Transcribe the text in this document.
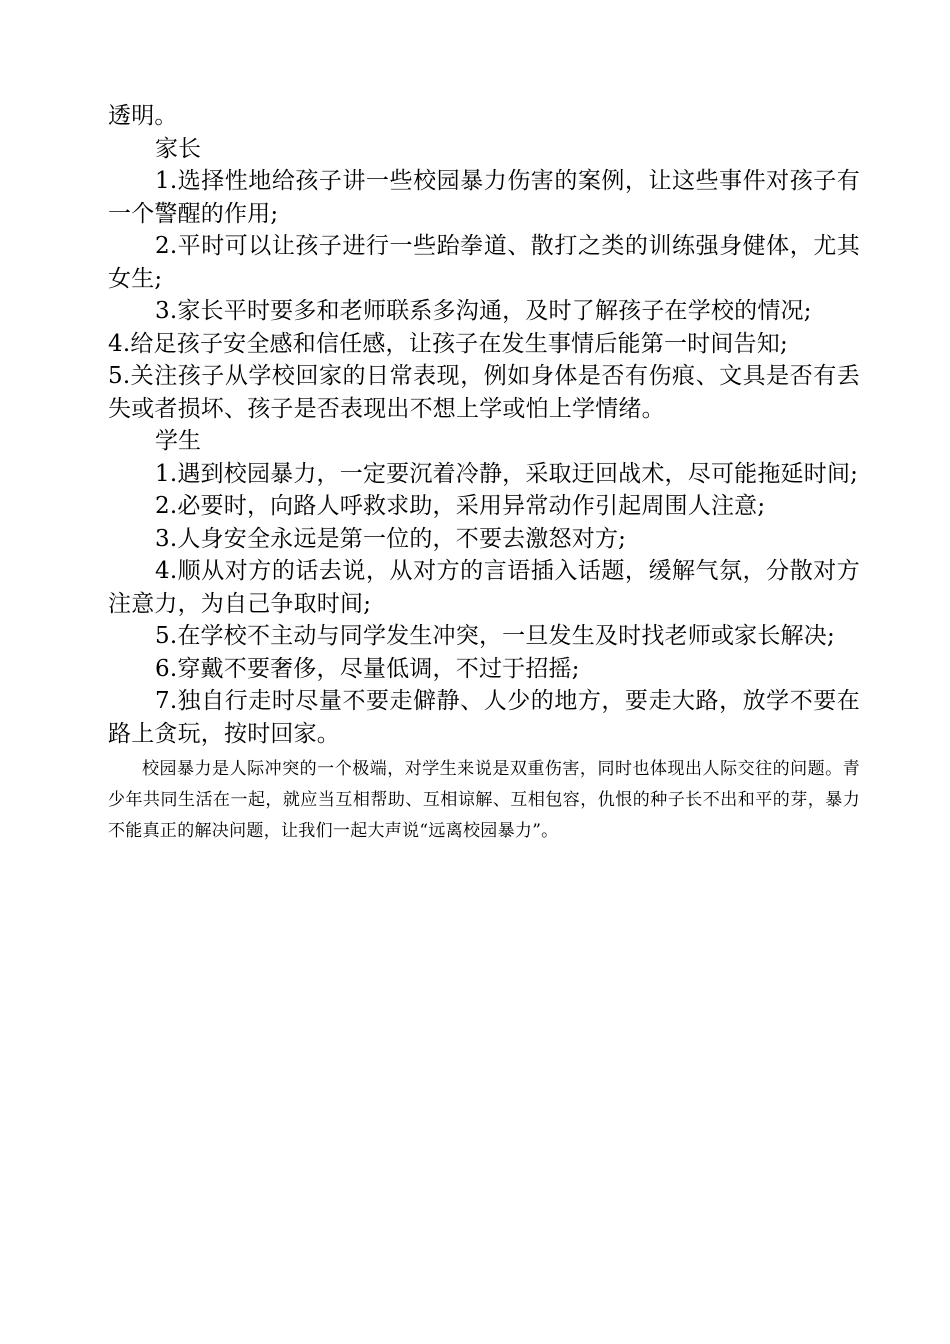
透明。

家长

1.选择性地给孩子讲一些校园暴力伤害的案例，让这些事件对孩子有一个警醒的作用;

2.平时可以让孩子进行一些跆拳道、散打之类的训练强身健体，尤其女生;

3.家长平时要多和老师联系多沟通，及时了解孩子在学校的情况;

4.给足孩子安全感和信任感，让孩子在发生事情后能第一时间告知;

5.关注孩子从学校回家的日常表现，例如身体是否有伤痕、文具是否有丢失或者损坏、孩子是否表现出不想上学或怕上学情绪。

学生

1.遇到校园暴力，一定要沉着冷静，采取迂回战术，尽可能拖延时间;

2.必要时，向路人呼救求助，采用异常动作引起周围人注意;

3.人身安全永远是第一位的，不要去激怒对方;

4.顺从对方的话去说，从对方的言语插入话题，缓解气氛，分散对方注意力，为自己争取时间;

5.在学校不主动与同学发生冲突，一旦发生及时找老师或家长解决;

6.穿戴不要奢侈，尽量低调，不过于招摇;

7.独自行走时尽量不要走僻静、人少的地方，要走大路，放学不要在路上贪玩，按时回家。

校园暴力是人际冲突的一个极端，对学生来说是双重伤害，同时也体现出人际交往的问题。青少年共同生活在一起，就应当互相帮助、互相谅解、互相包容，仇恨的种子长不出和平的芽，暴力不能真正的解决问题，让我们一起大声说“远离校园暴力”。
